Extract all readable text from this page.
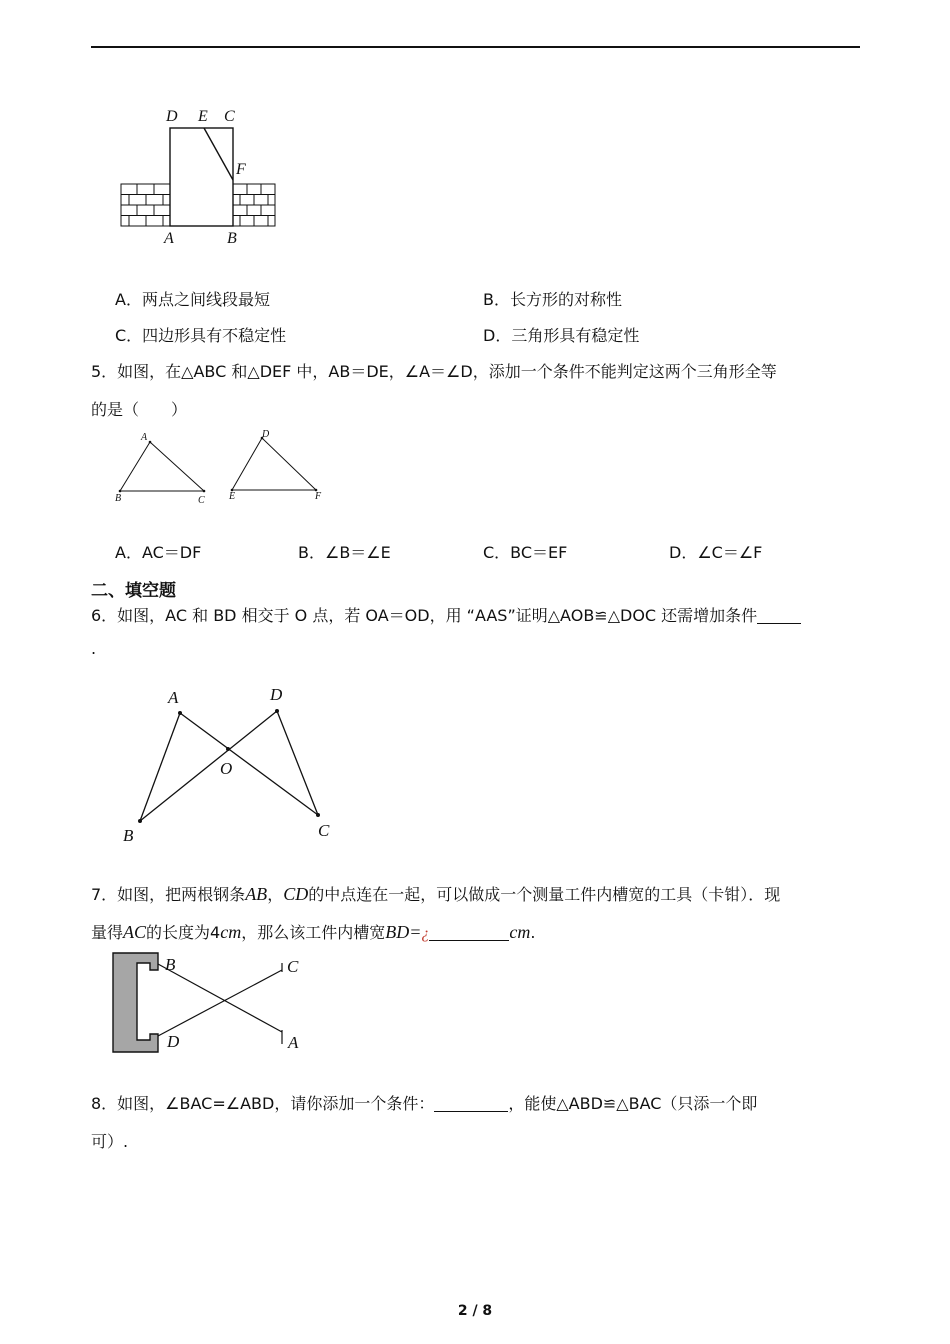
D E C
F
A	B
A．两点之间线段最短	B．长方形的对称性
C．四边形具有不稳定性	D．三角形具有稳定性
5．如图，在△ABC 和△DEF 中，AB＝DE，∠A＝∠D，添加一个条件不能判定这两个三角形全等
的是（　　）
A
B	C
D
E	F
A．AC＝DF	B．∠B＝∠E	C．BC＝EF	D．∠C＝∠F
二、填空题
6．如图，AC 和 BD 相交于 O 点，若 OA＝OD，用 “AAS”证明△AOB≌△DOC 还需增加条件
.
A	D
O
B	C
7．如图，把两根钢条AB，CD的中点连在一起，可以做成一个测量工件内槽宽的工具（卡钳）．现
量得AC的长度为4cm，那么该工件内槽宽BD=¿	cm.
B	C
D	A
8．如图，∠BAC=∠ABD，请你添加一个条件：	，能使△ABD≌△BAC（只添一个即
可）.
2 / 8
